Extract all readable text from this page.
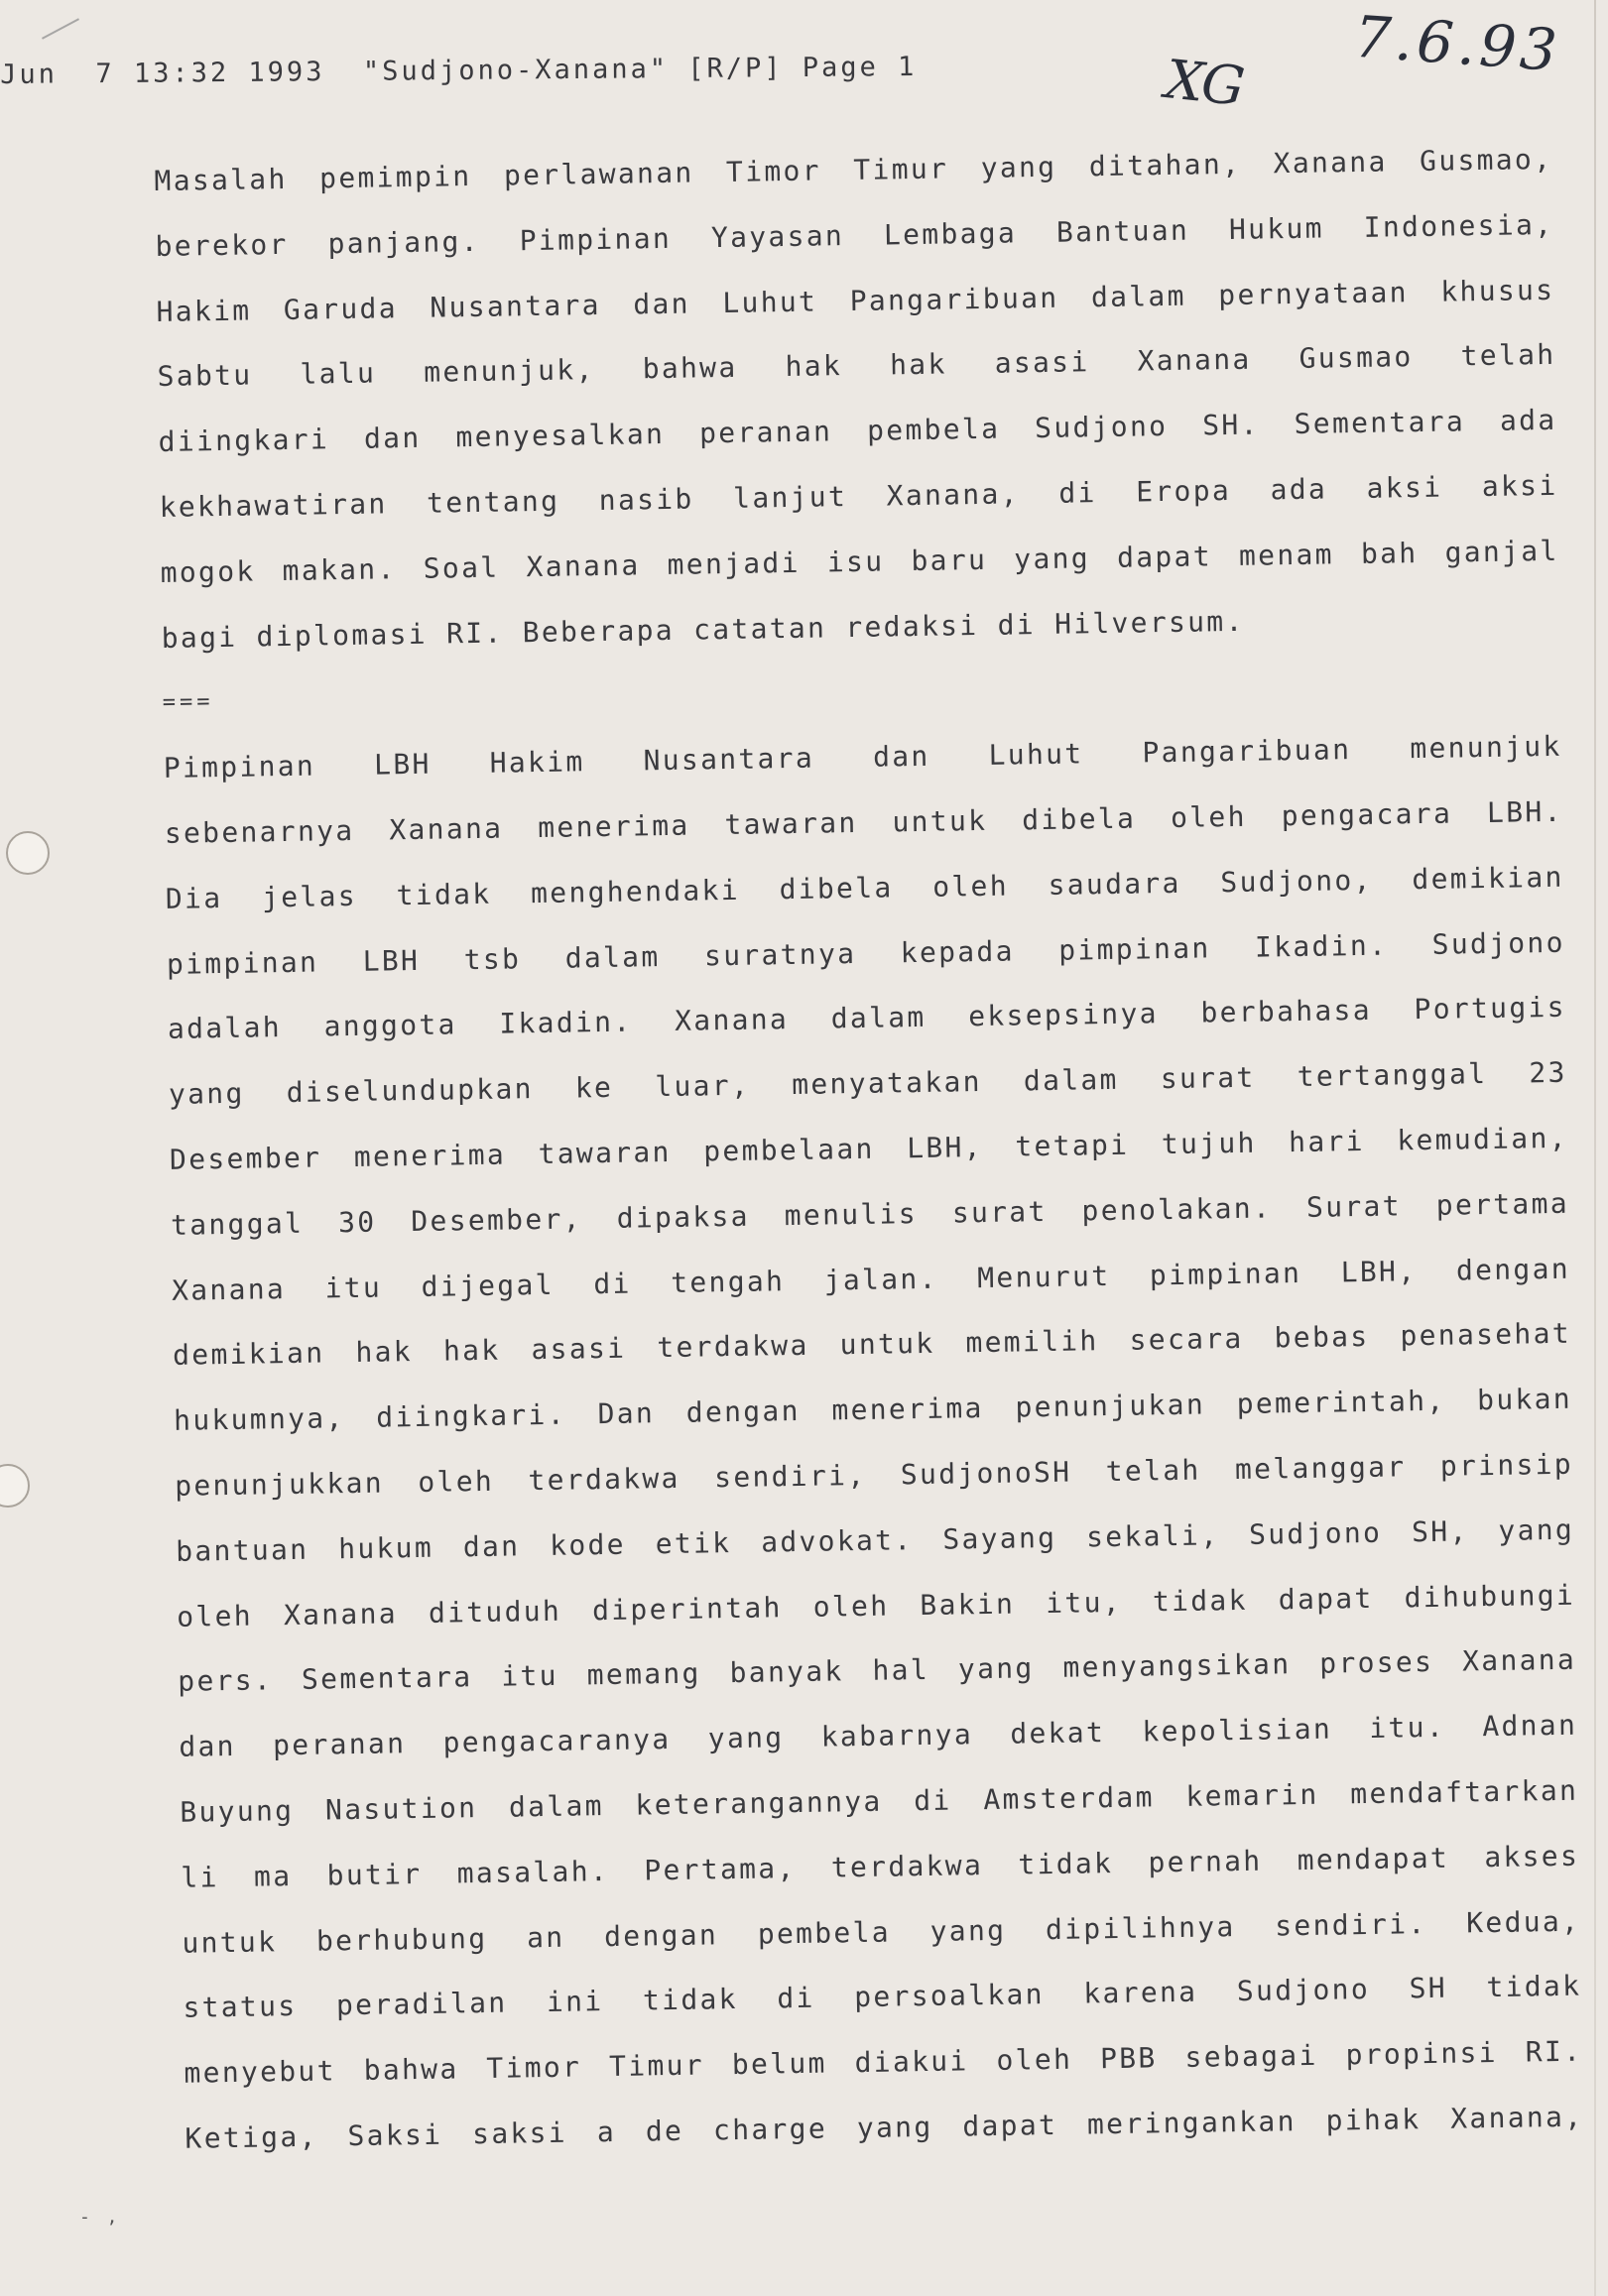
Jun  7 13:32 1993  "Sudjono-Xanana" [R/P] Page 1	XG 7.6.93
Masalah pemimpin perlawanan Timor Timur yang ditahan, Xanana Gusmao,
berekor panjang. Pimpinan Yayasan Lembaga Bantuan Hukum Indonesia,
Hakim Garuda Nusantara dan Luhut Pangaribuan dalam pernyataan khusus
Sabtu lalu menunjuk, bahwa hak hak asasi Xanana Gusmao telah
diingkari dan menyesalkan peranan pembela Sudjono SH. Sementara ada
kekhawatiran tentang nasib lanjut Xanana, di Eropa ada aksi aksi
mogok makan. Soal Xanana menjadi isu baru yang dapat menam bah ganjal
bagi diplomasi RI. Beberapa catatan redaksi di Hilversum.
===
Pimpinan LBH Hakim Nusantara dan Luhut Pangaribuan menunjuk
sebenarnya Xanana menerima tawaran untuk dibela oleh pengacara LBH.
Dia jelas tidak menghendaki dibela oleh saudara Sudjono, demikian
pimpinan LBH tsb dalam suratnya kepada pimpinan Ikadin. Sudjono
adalah anggota Ikadin. Xanana dalam eksepsinya berbahasa Portugis
yang diselundupkan ke luar, menyatakan dalam surat tertanggal 23
Desember menerima tawaran pembelaan LBH, tetapi tujuh hari kemudian,
tanggal 30 Desember, dipaksa menulis surat penolakan. Surat pertama
Xanana itu dijegal di tengah jalan. Menurut pimpinan LBH, dengan
demikian hak hak asasi terdakwa untuk memilih secara bebas penasehat
hukumnya, diingkari. Dan dengan menerima penunjukan pemerintah, bukan
penunjukkan oleh terdakwa sendiri, SudjonoSH telah melanggar prinsip
bantuan hukum dan kode etik advokat. Sayang sekali, Sudjono SH, yang
oleh Xanana dituduh diperintah oleh Bakin itu, tidak dapat dihubungi
pers. Sementara itu memang banyak hal yang menyangsikan proses Xanana
dan peranan pengacaranya yang kabarnya dekat kepolisian itu. Adnan
Buyung Nasution dalam keterangannya di Amsterdam kemarin mendaftarkan
li ma butir masalah. Pertama, terdakwa tidak pernah mendapat akses
untuk berhubung an dengan pembela yang dipilihnya sendiri. Kedua,
status peradilan ini tidak di persoalkan karena Sudjono SH tidak
menyebut bahwa Timor Timur belum diakui oleh PBB sebagai propinsi RI.
Ketiga, Saksi saksi a de charge yang dapat meringankan pihak Xanana,
- ,
